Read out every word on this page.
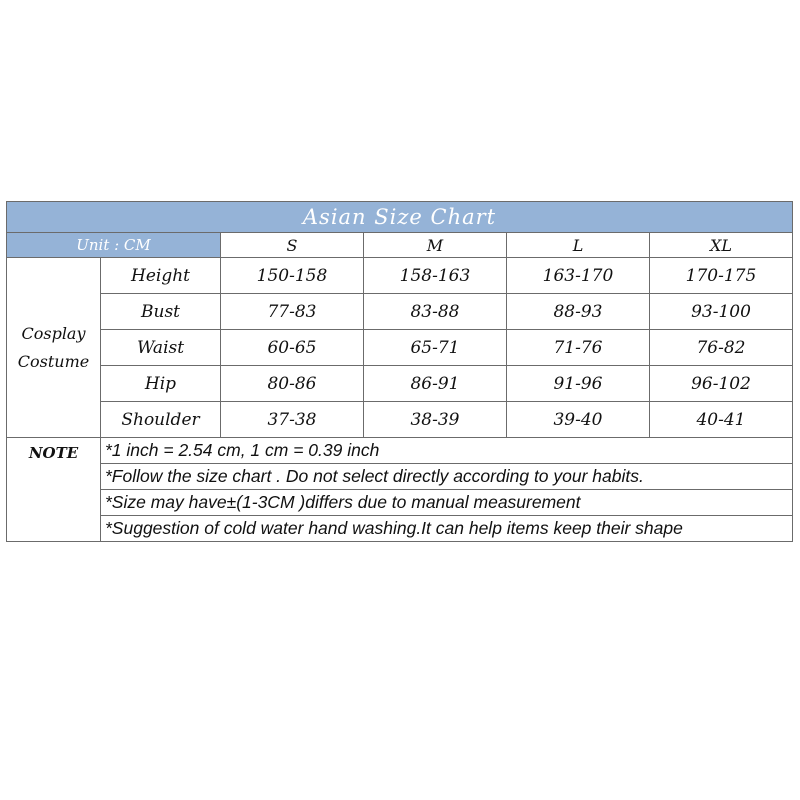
Asian Size Chart					
Unit : CM		S	M	L	XL
Cosplay Costume	Height	150-158	158-163	163-170	170-175
	Bust	77-83	83-88	88-93	93-100
	Waist	60-65	65-71	71-76	76-82
	Hip	80-86	86-91	91-96	96-102
	Shoulder	37-38	38-39	39-40	40-41
NOTE	*1 inch = 2.54 cm, 1 cm = 0.39 inch				
	*Follow the size chart . Do not select directly according to your habits.				
	*Size may have±(1-3CM )differs due to manual measurement				
	*Suggestion of cold water hand washing.It can help items keep their shape				
